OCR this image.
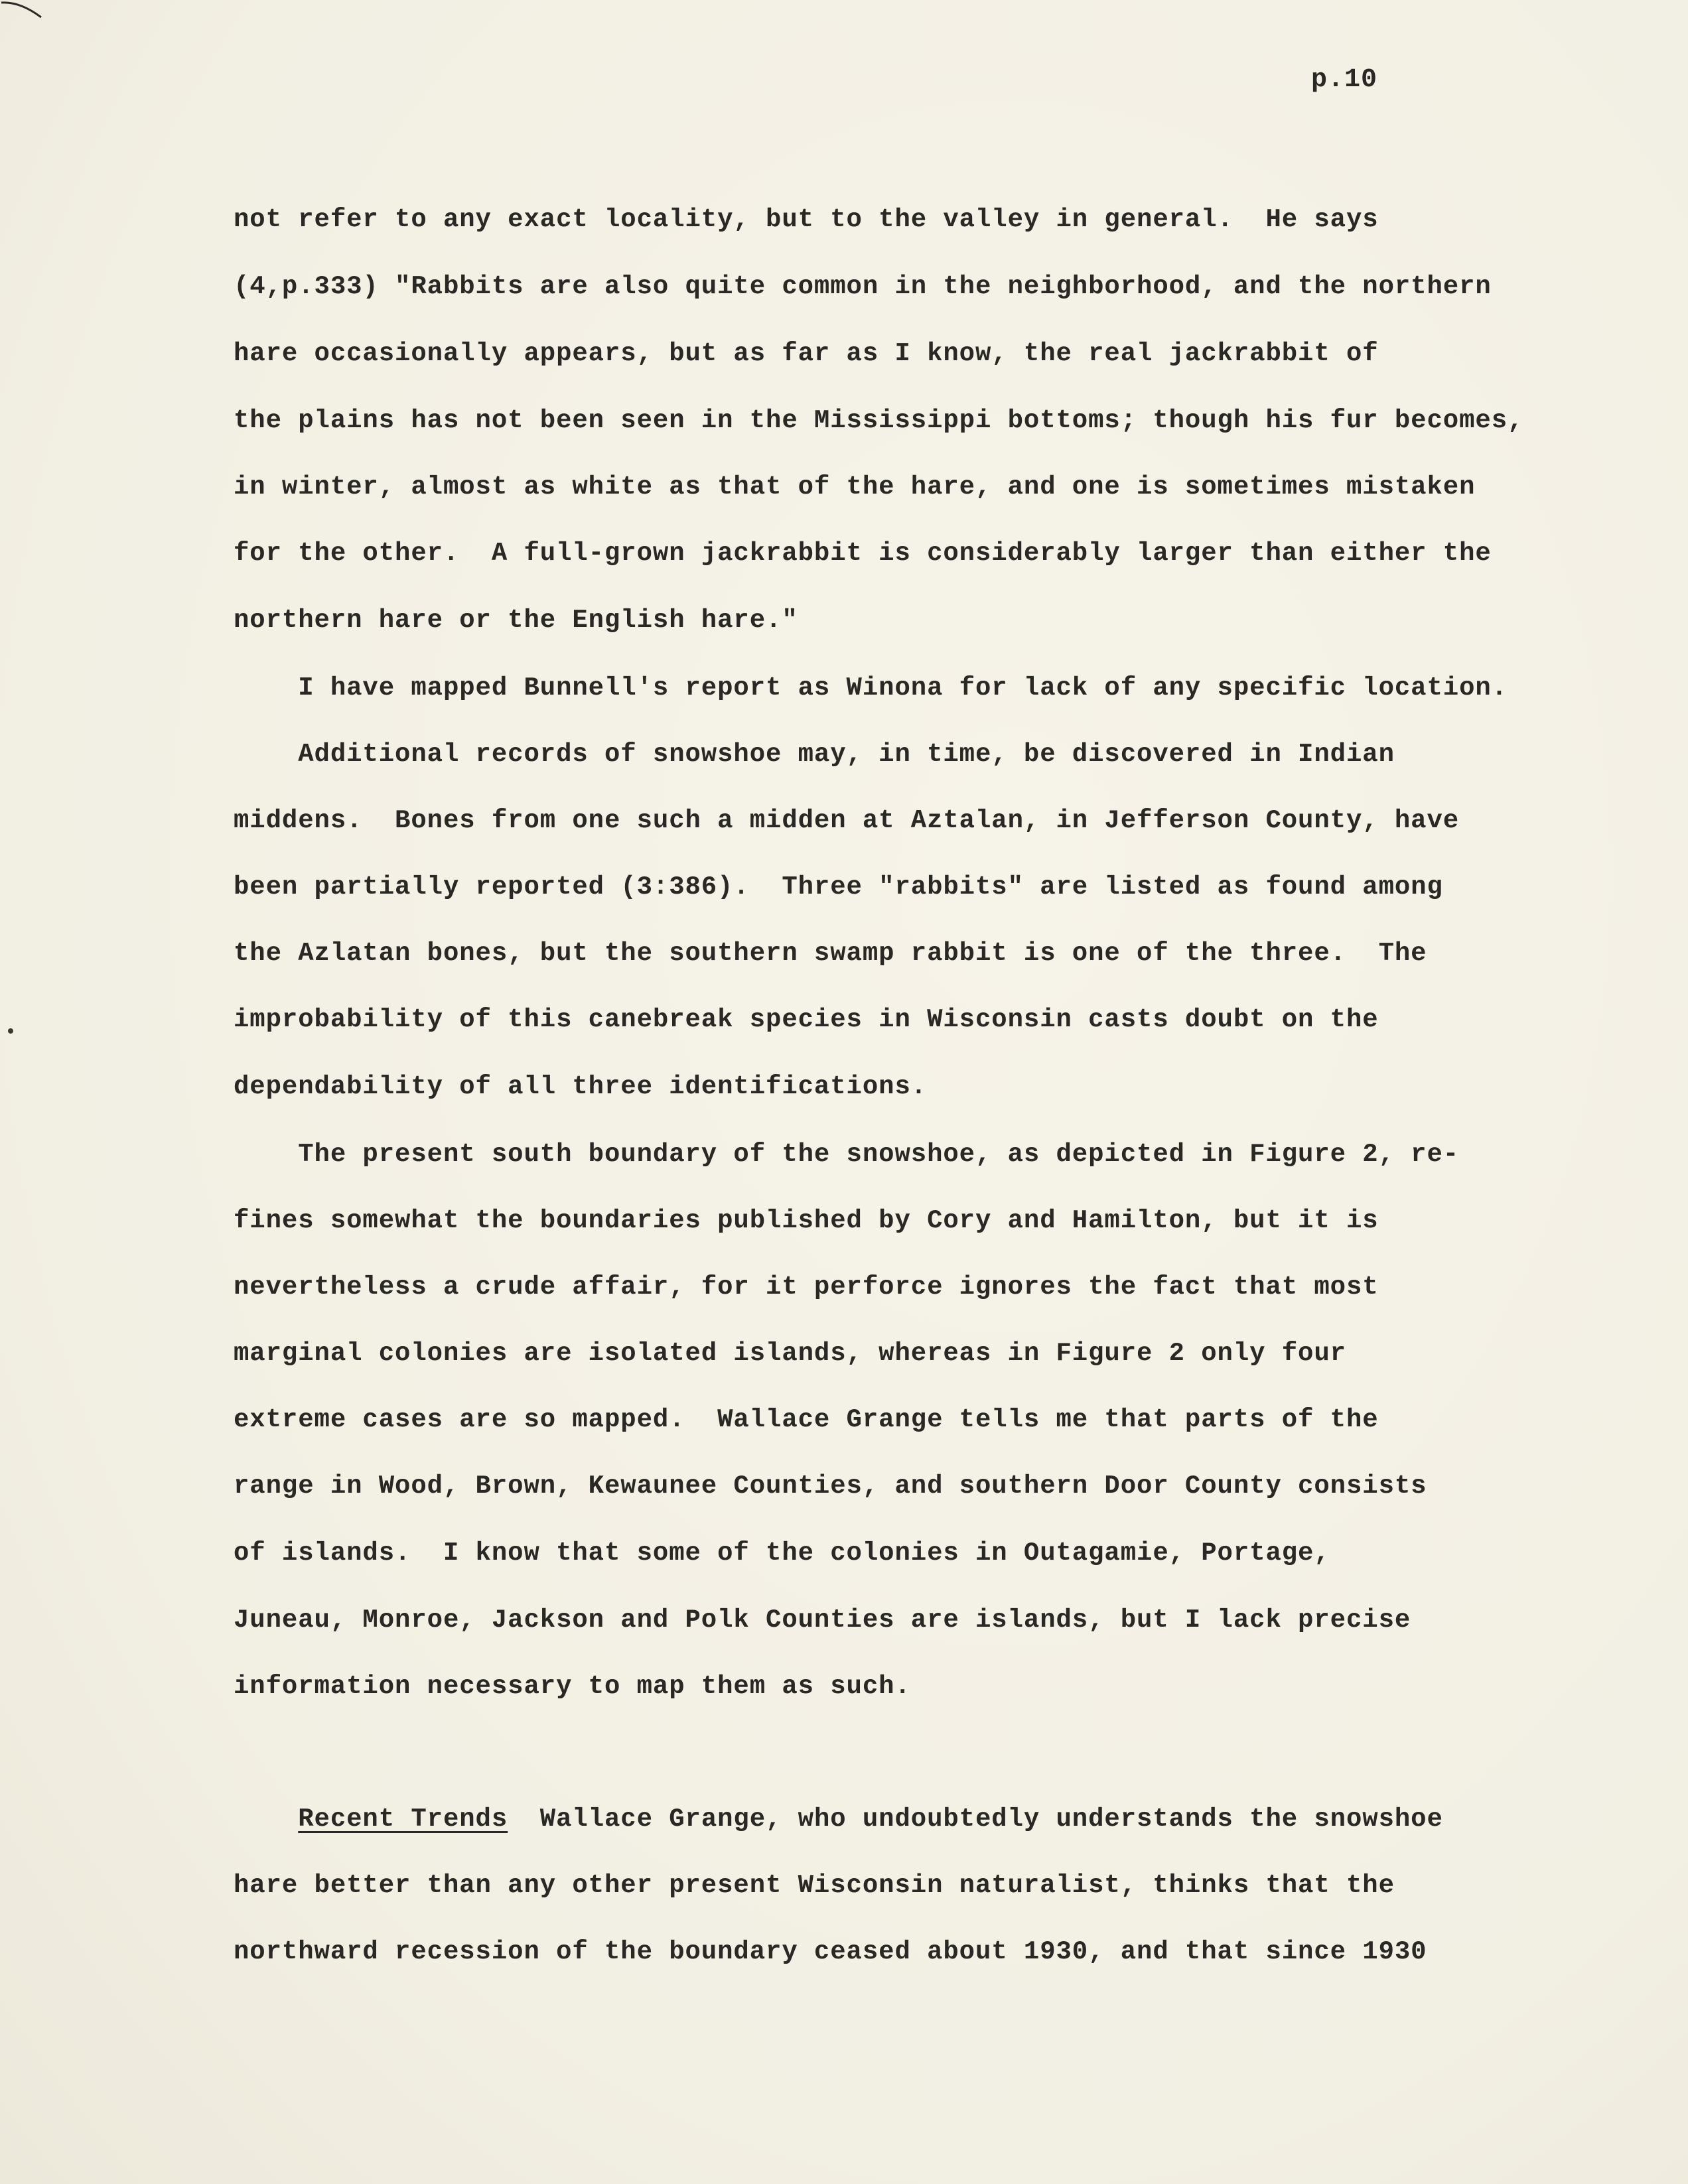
p.10
not refer to any exact locality, but to the valley in general.  He says
(4,p.333) "Rabbits are also quite common in the neighborhood, and the northern
hare occasionally appears, but as far as I know, the real jackrabbit of
the plains has not been seen in the Mississippi bottoms; though his fur becomes,
in winter, almost as white as that of the hare, and one is sometimes mistaken
for the other.  A full-grown jackrabbit is considerably larger than either the
northern hare or the English hare."
I have mapped Bunnell's report as Winona for lack of any specific location.
Additional records of snowshoe may, in time, be discovered in Indian
middens.  Bones from one such a midden at Aztalan, in Jefferson County, have
been partially reported (3:386).  Three "rabbits" are listed as found among
the Azlatan bones, but the southern swamp rabbit is one of the three.  The
improbability of this canebreak species in Wisconsin casts doubt on the
dependability of all three identifications.
The present south boundary of the snowshoe, as depicted in Figure 2, re-
fines somewhat the boundaries published by Cory and Hamilton, but it is
nevertheless a crude affair, for it perforce ignores the fact that most
marginal colonies are isolated islands, whereas in Figure 2 only four
extreme cases are so mapped.  Wallace Grange tells me that parts of the
range in Wood, Brown, Kewaunee Counties, and southern Door County consists
of islands.  I know that some of the colonies in Outagamie, Portage,
Juneau, Monroe, Jackson and Polk Counties are islands, but I lack precise
information necessary to map them as such.
Recent Trends  Wallace Grange, who undoubtedly understands the snowshoe
hare better than any other present Wisconsin naturalist, thinks that the
northward recession of the boundary ceased about 1930, and that since 1930
